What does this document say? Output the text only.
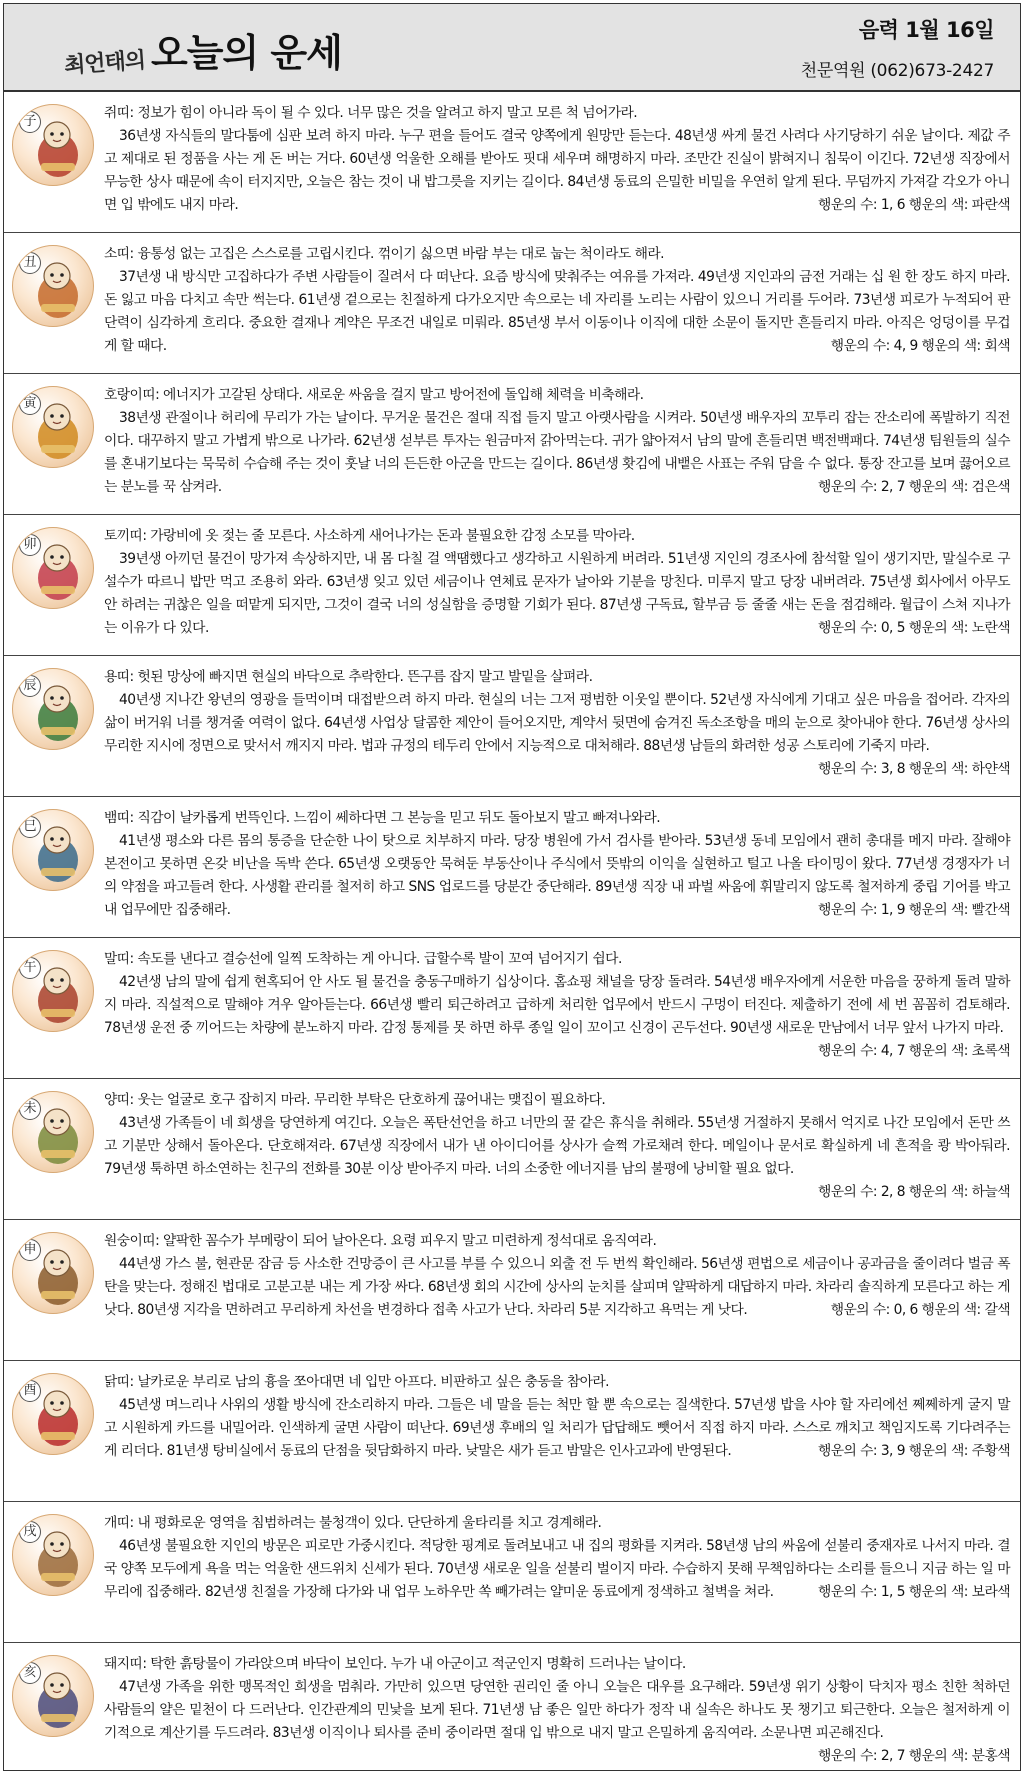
최언태의 오늘의 운세
음력 1월 16일
천문역원 (062)673-2427
子

쥐띠: 정보가 힘이 아니라 독이 될 수 있다. 너무 많은 것을 알려고 하지 말고 모른 척 넘어가라.

36년생 자식들의 말다툼에 심판 보려 하지 마라. 누구 편을 들어도 결국 양쪽에게 원망만 듣는다. 48년생 싸게 물건 사려다 사기당하기 쉬운 날이다. 제값 주고 제대로 된 정품을 사는 게 돈 버는 거다. 60년생 억울한 오해를 받아도 핏대 세우며 해명하지 마라. 조만간 진실이 밝혀지니 침묵이 이긴다. 72년생 직장에서 무능한 상사 때문에 속이 터지지만, 오늘은 참는 것이 내 밥그릇을 지키는 길이다. 84년생 동료의 은밀한 비밀을 우연히 알게 된다. 무덤까지 가져갈 각오가 아니면 입 밖에도 내지 마라.	행운의 수: 1, 6 행운의 색: 파란색

丑

소띠: 융통성 없는 고집은 스스로를 고립시킨다. 꺾이기 싫으면 바람 부는 대로 눕는 척이라도 해라.

37년생 내 방식만 고집하다가 주변 사람들이 질려서 다 떠난다. 요즘 방식에 맞춰주는 여유를 가져라. 49년생 지인과의 금전 거래는 십 원 한 장도 하지 마라. 돈 잃고 마음 다치고 속만 썩는다. 61년생 겉으로는 친절하게 다가오지만 속으로는 네 자리를 노리는 사람이 있으니 거리를 두어라. 73년생 피로가 누적되어 판단력이 심각하게 흐리다. 중요한 결재나 계약은 무조건 내일로 미뤄라. 85년생 부서 이동이나 이직에 대한 소문이 돌지만 흔들리지 마라. 아직은 엉덩이를 무겁게 할 때다.	행운의 수: 4, 9 행운의 색: 회색

寅

호랑이띠: 에너지가 고갈된 상태다. 새로운 싸움을 걸지 말고 방어전에 돌입해 체력을 비축해라.

38년생 관절이나 허리에 무리가 가는 날이다. 무거운 물건은 절대 직접 들지 말고 아랫사람을 시켜라. 50년생 배우자의 꼬투리 잡는 잔소리에 폭발하기 직전이다. 대꾸하지 말고 가볍게 밖으로 나가라. 62년생 섣부른 투자는 원금마저 갉아먹는다. 귀가 얇아져서 남의 말에 흔들리면 백전백패다. 74년생 팀원들의 실수를 혼내기보다는 묵묵히 수습해 주는 것이 훗날 너의 든든한 아군을 만드는 길이다. 86년생 홧김에 내뱉은 사표는 주워 담을 수 없다. 통장 잔고를 보며 끓어오르는 분노를 꾹 삼켜라.	행운의 수: 2, 7 행운의 색: 검은색

卯

토끼띠: 가랑비에 옷 젖는 줄 모른다. 사소하게 새어나가는 돈과 불필요한 감정 소모를 막아라.

39년생 아끼던 물건이 망가져 속상하지만, 내 몸 다칠 걸 액땜했다고 생각하고 시원하게 버려라. 51년생 지인의 경조사에 참석할 일이 생기지만, 말실수로 구설수가 따르니 밥만 먹고 조용히 와라. 63년생 잊고 있던 세금이나 연체료 문자가 날아와 기분을 망친다. 미루지 말고 당장 내버려라. 75년생 회사에서 아무도 안 하려는 귀찮은 일을 떠맡게 되지만, 그것이 결국 너의 성실함을 증명할 기회가 된다. 87년생 구독료, 할부금 등 줄줄 새는 돈을 점검해라. 월급이 스쳐 지나가는 이유가 다 있다.	행운의 수: 0, 5 행운의 색: 노란색

辰

용띠: 헛된 망상에 빠지면 현실의 바닥으로 추락한다. 뜬구름 잡지 말고 발밑을 살펴라.

40년생 지나간 왕년의 영광을 들먹이며 대접받으려 하지 마라. 현실의 너는 그저 평범한 이웃일 뿐이다. 52년생 자식에게 기대고 싶은 마음을 접어라. 각자의 삶이 버거워 너를 챙겨줄 여력이 없다. 64년생 사업상 달콤한 제안이 들어오지만, 계약서 뒷면에 숨겨진 독소조항을 매의 눈으로 찾아내야 한다. 76년생 상사의 무리한 지시에 정면으로 맞서서 깨지지 마라. 법과 규정의 테두리 안에서 지능적으로 대처해라. 88년생 남들의 화려한 성공 스토리에 기죽지 마라.
행운의 수: 3, 8 행운의 색: 하얀색

巳

뱀띠: 직감이 날카롭게 번뜩인다. 느낌이 쎄하다면 그 본능을 믿고 뒤도 돌아보지 말고 빠져나와라.

41년생 평소와 다른 몸의 통증을 단순한 나이 탓으로 치부하지 마라. 당장 병원에 가서 검사를 받아라. 53년생 동네 모임에서 괜히 총대를 메지 마라. 잘해야 본전이고 못하면 온갖 비난을 독박 쓴다. 65년생 오랫동안 묵혀둔 부동산이나 주식에서 뜻밖의 이익을 실현하고 털고 나올 타이밍이 왔다. 77년생 경쟁자가 너의 약점을 파고들려 한다. 사생활 관리를 철저히 하고 SNS 업로드를 당분간 중단해라. 89년생 직장 내 파벌 싸움에 휘말리지 않도록 철저하게 중립 기어를 박고 내 업무에만 집중해라.	행운의 수: 1, 9 행운의 색: 빨간색

午

말띠: 속도를 낸다고 결승선에 일찍 도착하는 게 아니다. 급할수록 발이 꼬여 넘어지기 쉽다.

42년생 남의 말에 쉽게 현혹되어 안 사도 될 물건을 충동구매하기 십상이다. 홈쇼핑 채널을 당장 돌려라. 54년생 배우자에게 서운한 마음을 꿍하게 돌려 말하지 마라. 직설적으로 말해야 겨우 알아듣는다. 66년생 빨리 퇴근하려고 급하게 처리한 업무에서 반드시 구멍이 터진다. 제출하기 전에 세 번 꼼꼼히 검토해라. 78년생 운전 중 끼어드는 차량에 분노하지 마라. 감정 통제를 못 하면 하루 종일 일이 꼬이고 신경이 곤두선다. 90년생 새로운 만남에서 너무 앞서 나가지 마라.
행운의 수: 4, 7 행운의 색: 초록색

未

양띠: 웃는 얼굴로 호구 잡히지 마라. 무리한 부탁은 단호하게 끊어내는 맺집이 필요하다.

43년생 가족들이 네 희생을 당연하게 여긴다. 오늘은 폭탄선언을 하고 너만의 꿀 같은 휴식을 취해라. 55년생 거절하지 못해서 억지로 나간 모임에서 돈만 쓰고 기분만 상해서 돌아온다. 단호해져라. 67년생 직장에서 내가 낸 아이디어를 상사가 슬쩍 가로채려 한다. 메일이나 문서로 확실하게 네 흔적을 쾅 박아둬라. 79년생 툭하면 하소연하는 친구의 전화를 30분 이상 받아주지 마라. 너의 소중한 에너지를 남의 불평에 낭비할 필요 없다.
행운의 수: 2, 8 행운의 색: 하늘색

申

원숭이띠: 얄팍한 꼼수가 부메랑이 되어 날아온다. 요령 피우지 말고 미련하게 정석대로 움직여라.

44년생 가스 불, 현관문 잠금 등 사소한 건망증이 큰 사고를 부를 수 있으니 외출 전 두 번씩 확인해라. 56년생 편법으로 세금이나 공과금을 줄이려다 벌금 폭탄을 맞는다. 정해진 법대로 고분고분 내는 게 가장 싸다. 68년생 회의 시간에 상사의 눈치를 살피며 얄팍하게 대답하지 마라. 차라리 솔직하게 모른다고 하는 게 낫다. 80년생 지각을 면하려고 무리하게 차선을 변경하다 접촉 사고가 난다. 차라리 5분 지각하고 욕먹는 게 낫다.	행운의 수: 0, 6 행운의 색: 갈색

酉

닭띠: 날카로운 부리로 남의 흉을 쪼아대면 네 입만 아프다. 비판하고 싶은 충동을 참아라.

45년생 며느리나 사위의 생활 방식에 잔소리하지 마라. 그들은 네 말을 듣는 척만 할 뿐 속으로는 질색한다. 57년생 밥을 사야 할 자리에선 쩨쩨하게 굴지 말고 시원하게 카드를 내밀어라. 인색하게 굴면 사람이 떠난다. 69년생 후배의 일 처리가 답답해도 뺏어서 직접 하지 마라. 스스로 깨치고 책임지도록 기다려주는 게 리더다. 81년생 탕비실에서 동료의 단점을 뒷담화하지 마라. 낮말은 새가 듣고 밤말은 인사고과에 반영된다.	행운의 수: 3, 9 행운의 색: 주황색

戌

개띠: 내 평화로운 영역을 침범하려는 불청객이 있다. 단단하게 울타리를 치고 경계해라.

46년생 불필요한 지인의 방문은 피로만 가중시킨다. 적당한 핑계로 돌려보내고 내 집의 평화를 지켜라. 58년생 남의 싸움에 섣불리 중재자로 나서지 마라. 결국 양쪽 모두에게 욕을 먹는 억울한 샌드위치 신세가 된다. 70년생 새로운 일을 섣불리 벌이지 마라. 수습하지 못해 무책임하다는 소리를 들으니 지금 하는 일 마무리에 집중해라. 82년생 친절을 가장해 다가와 내 업무 노하우만 쏙 빼가려는 얄미운 동료에게 정색하고 철벽을 쳐라.	행운의 수: 1, 5 행운의 색: 보라색

亥

돼지띠: 탁한 흙탕물이 가라앉으며 바닥이 보인다. 누가 내 아군이고 적군인지 명확히 드러나는 날이다.

47년생 가족을 위한 맹목적인 희생을 멈춰라. 가만히 있으면 당연한 권리인 줄 아니 오늘은 대우를 요구해라. 59년생 위기 상황이 닥치자 평소 친한 척하던 사람들의 얄은 밑천이 다 드러난다. 인간관계의 민낯을 보게 된다. 71년생 남 좋은 일만 하다가 정작 내 실속은 하나도 못 챙기고 퇴근한다. 오늘은 철저하게 이기적으로 계산기를 두드려라. 83년생 이직이나 퇴사를 준비 중이라면 절대 입 밖으로 내지 말고 은밀하게 움직여라. 소문나면 피곤해진다.
행운의 수: 2, 7 행운의 색: 분홍색
